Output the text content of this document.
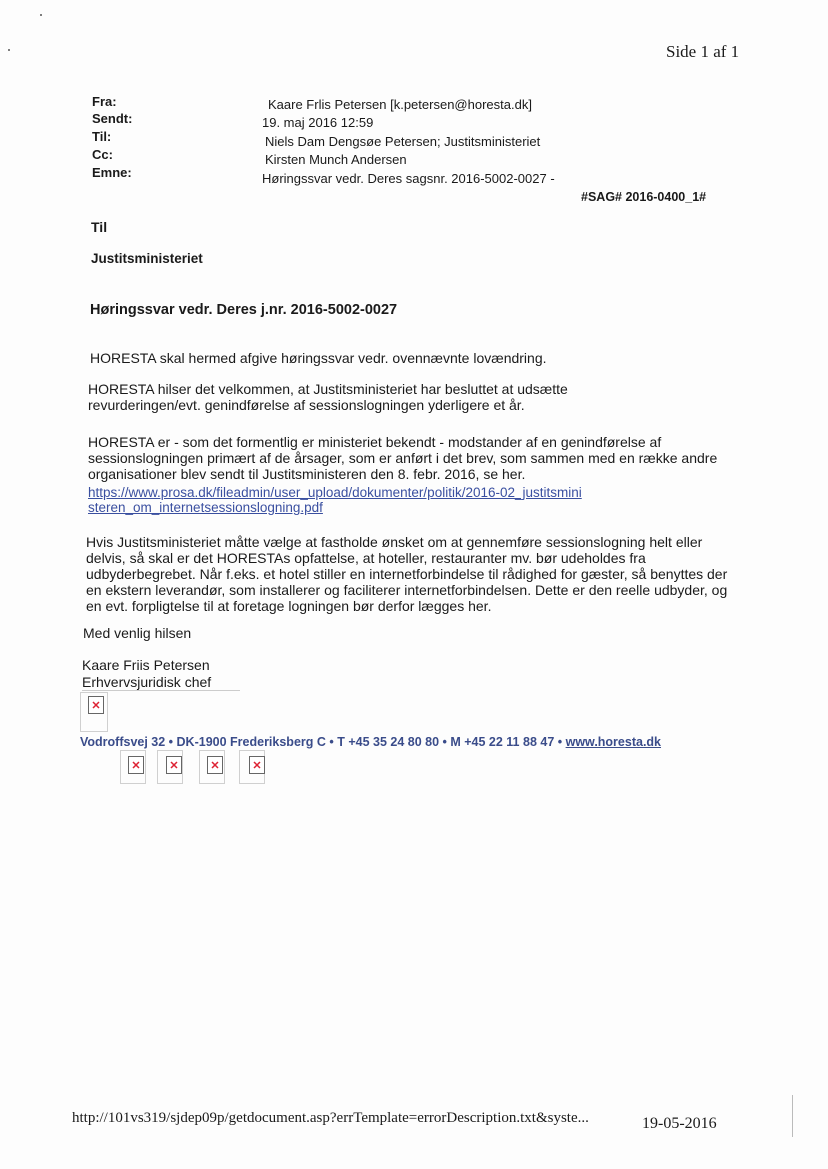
Side 1 af 1
Fra:	Kaare Frlis Petersen [k.petersen@horesta.dk]
Sendt:	19. maj 2016 12:59
Til:	Niels Dam Dengsøe Petersen; Justitsministeriet
Cc:	Kirsten Munch Andersen
Emne:	Høringssvar vedr. Deres sagsnr. 2016-5002-0027 -
#SAG# 2016-0400_1#
Til
Justitsministeriet
Høringssvar vedr. Deres j.nr. 2016-5002-0027
HORESTA skal hermed afgive høringssvar vedr. ovennævnte lovændring.
HORESTA hilser det velkommen, at Justitsministeriet har besluttet at udsætte revurderingen/evt. genindførelse af sessionslogningen yderligere et år.
HORESTA er - som det formentlig er ministeriet bekendt - modstander af en genindførelse af sessionslogningen primært af de årsager, som er anført i det brev, som sammen med en række andre organisationer blev sendt til Justitsministeren den 8. febr. 2016, se her.
https://www.prosa.dk/fileadmin/user_upload/dokumenter/politik/2016-02_justitsministeren_om_internetsessionslogning.pdf
Hvis Justitsministeriet måtte vælge at fastholde ønsket om at gennemføre sessionslogning helt eller delvis, så skal er det HORESTAs opfattelse, at hoteller, restauranter mv. bør udeholdes fra udbyderbegrebet. Når f.eks. et hotel stiller en internetforbindelse til rådighed for gæster, så benyttes der en ekstern leverandør, som installerer og faciliterer internetforbindelsen. Dette er den reelle udbyder, og en evt. forpligtelse til at foretage logningen bør derfor lægges her.
Med venlig hilsen
Kaare Friis Petersen
Erhvervsjuridisk chef
Vodroffsvej 32 • DK-1900 Frederiksberg C • T +45 35 24 80 80 • M +45 22 11 88 47 • www.horesta.dk
http://101vs319/sjdep09p/getdocument.asp?errTemplate=errorDescription.txt&syste...	19-05-2016
